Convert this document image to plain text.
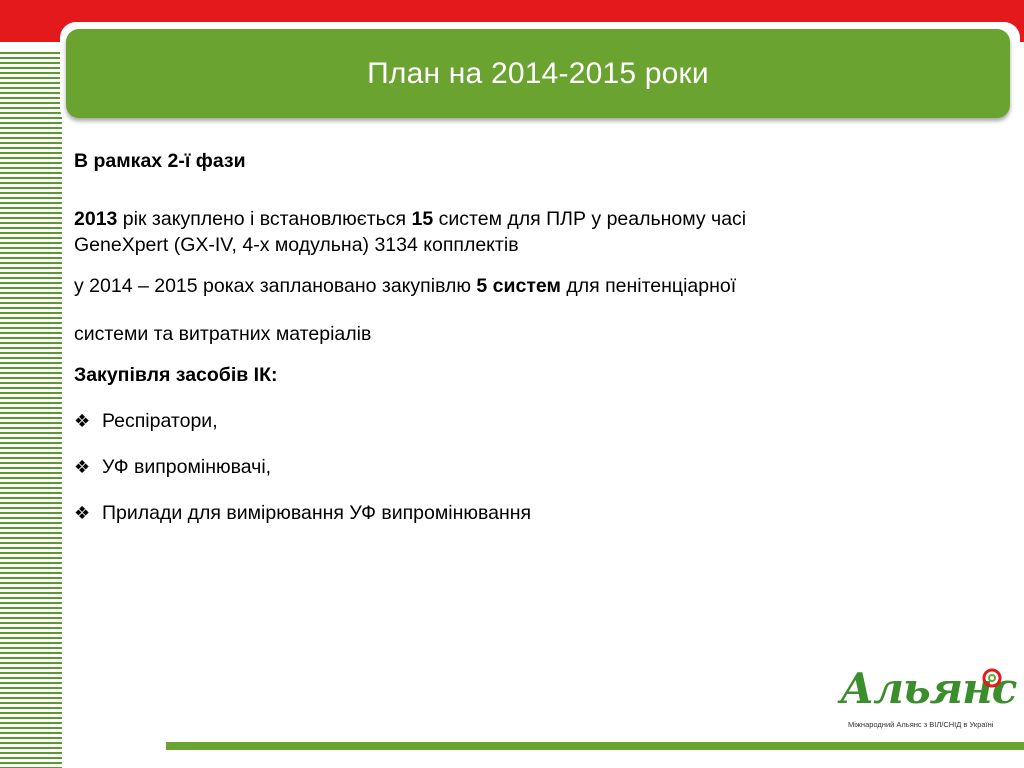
План на 2014-2015 роки

В рамках 2-ї фази

2013 рік закуплено і встановлюється 15 систем для ПЛР у реальному часі
GeneXpert (GX-IV, 4-х модульна) 3134 копплектів

у 2014 – 2015 роках заплановано закупівлю 5 систем для пенітенціарної
системи та витратних матеріалів

Закупівля засобів ІК:

❖ Респіратори,
❖ УФ випромінювачі,
❖ Прилади для вимірювання УФ випромінювання
Альянс
Міжнародний Альянс з ВІЛ/СНІД в Україні
